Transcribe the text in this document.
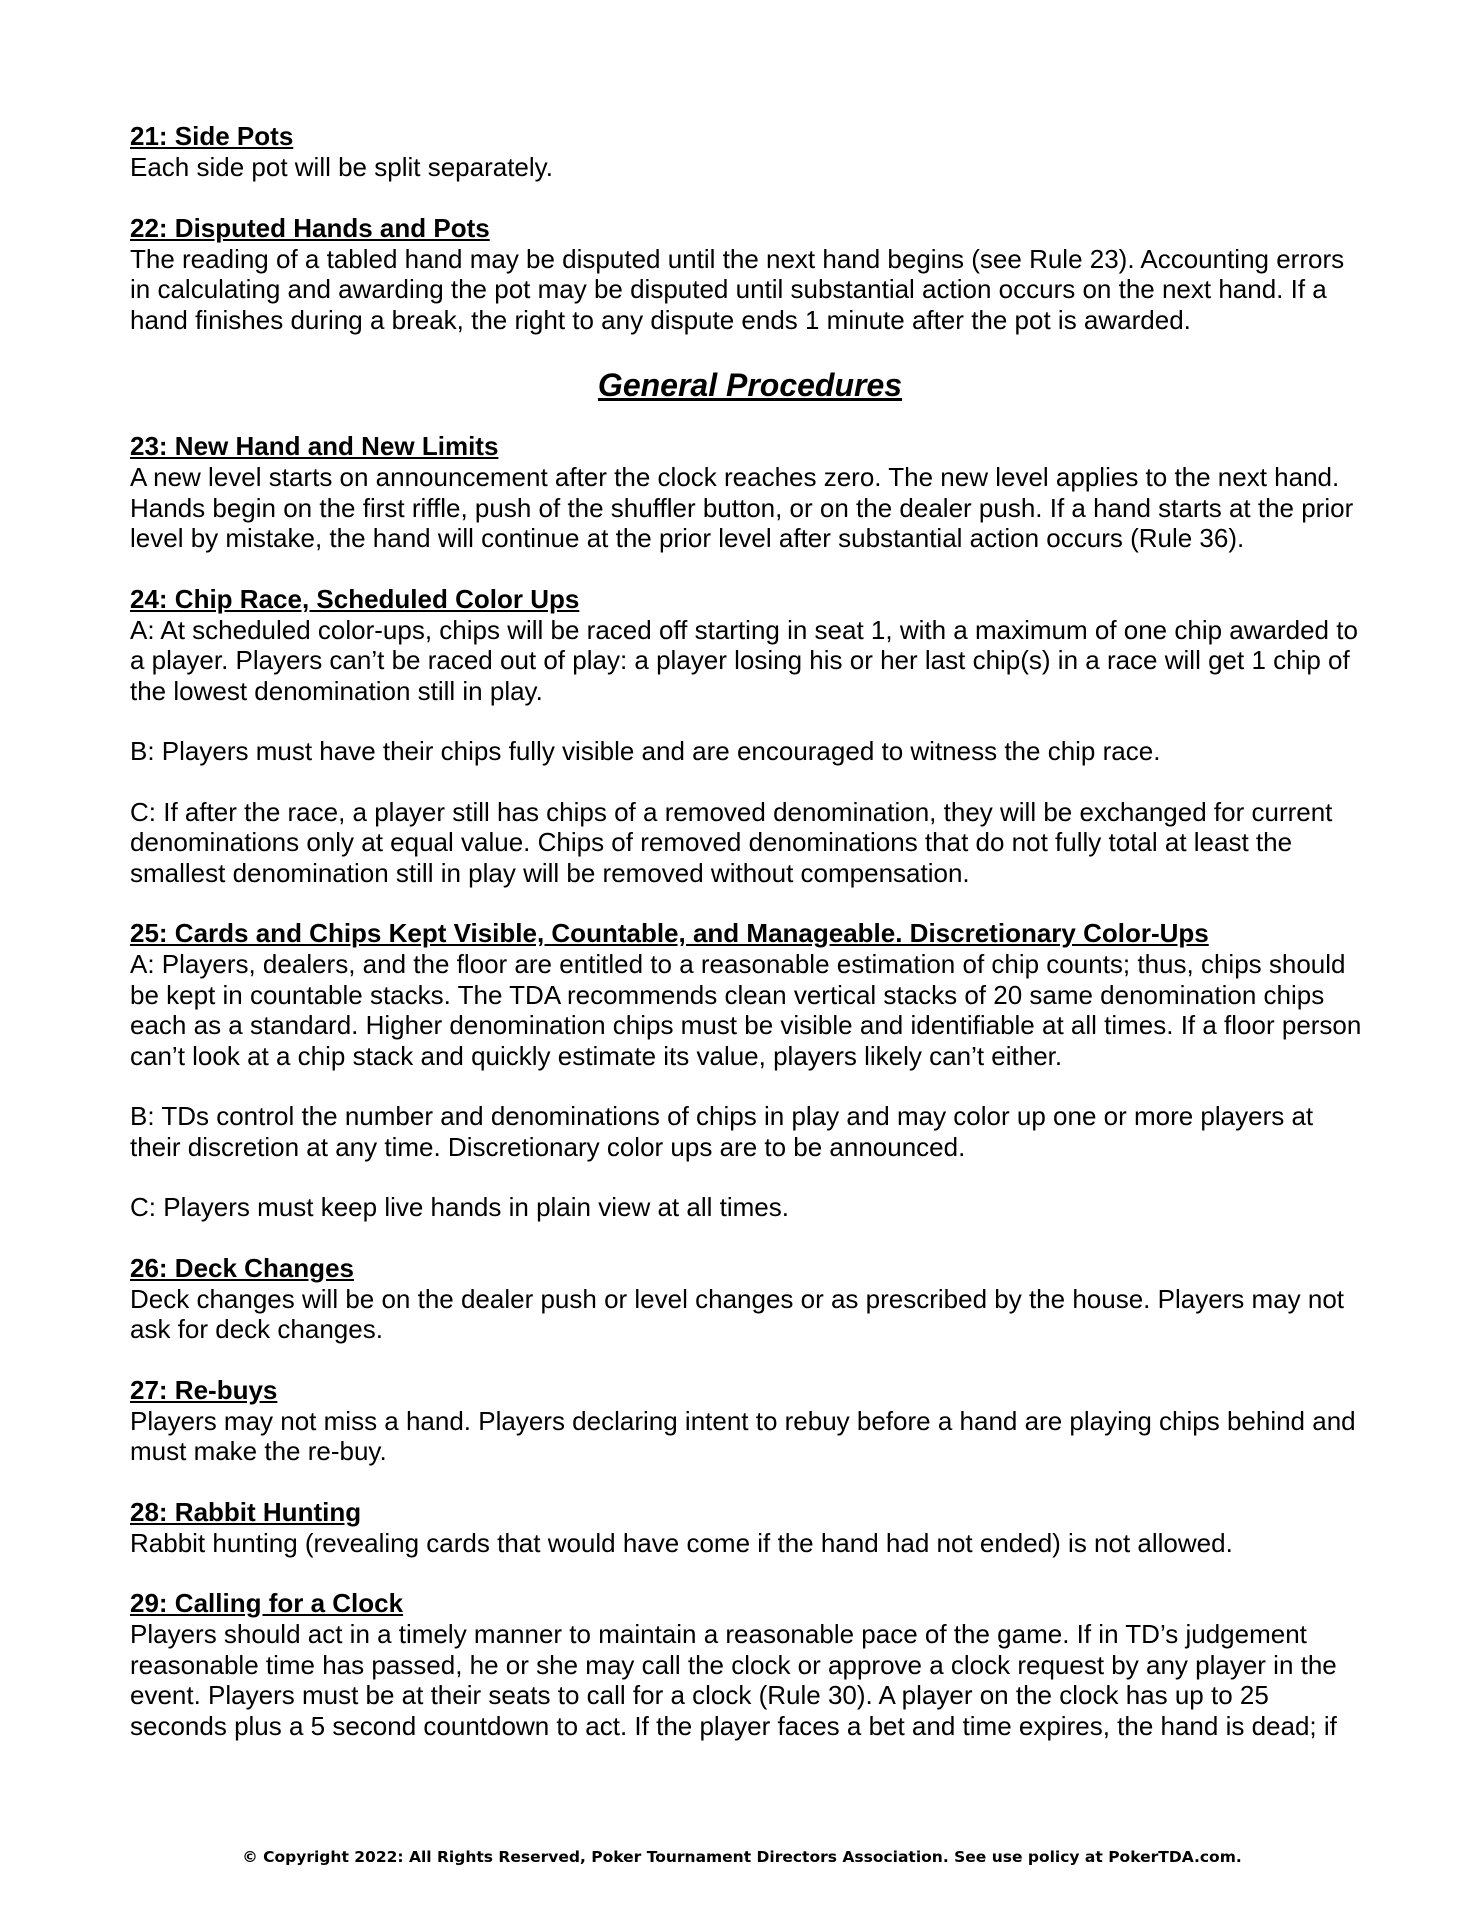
21: Side Pots

Each side pot will be split separately.

22: Disputed Hands and Pots

The reading of a tabled hand may be disputed until the next hand begins (see Rule 23). Accounting errors in calculating and awarding the pot may be disputed until substantial action occurs on the next hand. If a hand finishes during a break, the right to any dispute ends 1 minute after the pot is awarded.

General Procedures

23: New Hand and New Limits

A new level starts on announcement after the clock reaches zero. The new level applies to the next hand. Hands begin on the first riffle, push of the shuffler button, or on the dealer push. If a hand starts at the prior level by mistake, the hand will continue at the prior level after substantial action occurs (Rule 36).

24: Chip Race, Scheduled Color Ups

A: At scheduled color-ups, chips will be raced off starting in seat 1, with a maximum of one chip awarded to a player. Players can’t be raced out of play: a player losing his or her last chip(s) in a race will get 1 chip of the lowest denomination still in play.

B: Players must have their chips fully visible and are encouraged to witness the chip race.

C: If after the race, a player still has chips of a removed denomination, they will be exchanged for current denominations only at equal value. Chips of removed denominations that do not fully total at least the smallest denomination still in play will be removed without compensation.

25: Cards and Chips Kept Visible, Countable, and Manageable. Discretionary Color-Ups

A: Players, dealers, and the floor are entitled to a reasonable estimation of chip counts; thus, chips should be kept in countable stacks. The TDA recommends clean vertical stacks of 20 same denomination chips each as a standard. Higher denomination chips must be visible and identifiable at all times. If a floor person can’t look at a chip stack and quickly estimate its value, players likely can’t either.

B: TDs control the number and denominations of chips in play and may color up one or more players at their discretion at any time. Discretionary color ups are to be announced.

C: Players must keep live hands in plain view at all times.

26: Deck Changes

Deck changes will be on the dealer push or level changes or as prescribed by the house. Players may not ask for deck changes.

27: Re-buys

Players may not miss a hand. Players declaring intent to rebuy before a hand are playing chips behind and must make the re-buy.

28: Rabbit Hunting

Rabbit hunting (revealing cards that would have come if the hand had not ended) is not allowed.

29: Calling for a Clock

Players should act in a timely manner to maintain a reasonable pace of the game. If in TD’s judgement reasonable time has passed, he or she may call the clock or approve a clock request by any player in the event. Players must be at their seats to call for a clock (Rule 30). A player on the clock has up to 25 seconds plus a 5 second countdown to act. If the player faces a bet and time expires, the hand is dead; if

© Copyright 2022: All Rights Reserved, Poker Tournament Directors Association. See use policy at PokerTDA.com.
